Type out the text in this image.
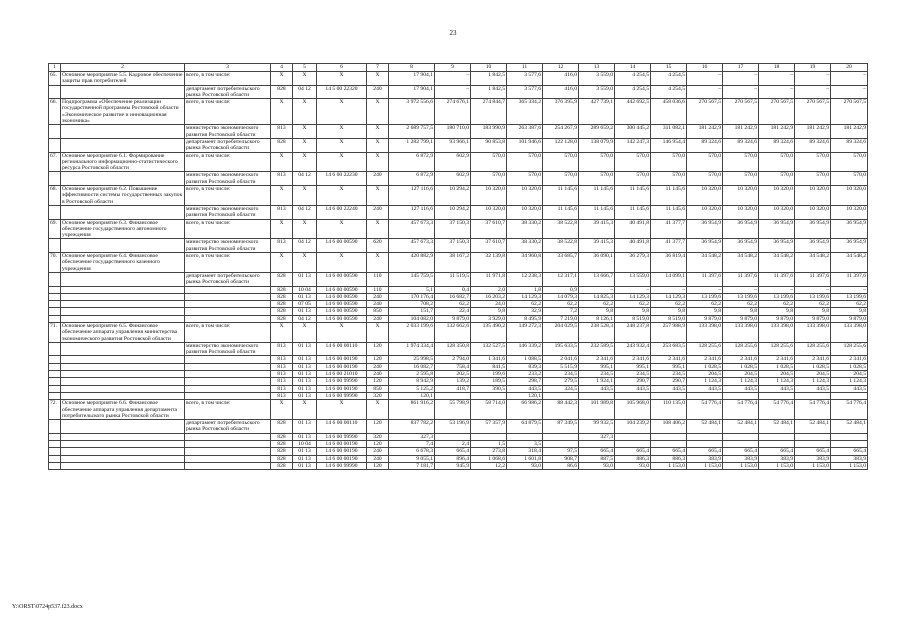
23
1	2	3	4	5	6	7	8	9	10	11	12	13	14	15	16	17	18	19	20	
65.	Основное мероприятие 5.5. Кадровое обеспечение защиты прав потребителей	всего, в том числе:	X	X	X	X	17 904,1	–	1 842,5	3 577,6	416,0	3 559,0	4 254,5	4 254,5	–	–	–	–	–	
		департамент потребительского рынка Ростовской области	828	04 12	14 5 00 22320	240	17 904,1	–	1 842,5	3 577,6	416,0	3 559,0	4 254,5	4 254,5	–	–	–	–	–	
66.	Подпрограмма «Обеспечение реализации государственной программы Ростовской области «Экономическое развитие и инновационная экономика»	всего, в том числе:	X	X	X	X	3 972 556,6	274 676,1	274 844,7	365 334,2	376 395,9	427 739,1	442 692,5	458 036,6	270 567,5	270 567,5	270 567,5	270 567,5	270 567,5	
		министерство экономического развития Ростовской области	813	X	X	X	2 689 757,5	180 710,0	183 990,9	263 387,6	254 267,9	289 659,2	300 445,2	311 082,1	181 242,9	181 242,9	181 242,9	181 242,9	181 242,9	
		департамент потребительского рынка Ростовской области	828	X	X	X	1 282 799,1	93 966,1	90 853,8	101 946,6	122 128,0	138 079,9	142 247,3	146 954,4	89 324,6	89 324,6	89 324,6	89 324,6	89 324,6	
67.	Основное мероприятие 6.1. Формирование регионального информационно-статистического ресурса Ростовской области	всего, в том числе:	X	X	X	X	6 872,9	602,9	570,0	570,0	570,0	570,0	570,0	570,0	570,0	570,0	570,0	570,0	570,0	
		министерство экономического развития Ростовской области	813	04 12	14 6 00 22230	240	6 872,9	602,9	570,0	570,0	570,0	570,0	570,0	570,0	570,0	570,0	570,0	570,0	570,0	
68.	Основное мероприятие 6.2. Повышение эффективности системы государственных закупок в Ростовской области	всего, в том числе:	X	X	X	X	127 116,6	10 294,2	10 320,0	10 320,0	11 145,6	11 145,6	11 145,6	11 145,6	10 320,0	10 320,0	10 320,0	10 320,0	10 320,0	
		министерство экономического развития Ростовской области	813	04 12	14 6 00 22240	240	127 116,6	10 294,2	10 320,0	10 320,0	11 145,6	11 145,6	11 145,6	11 145,6	10 320,0	10 320,0	10 320,0	10 320,0	10 320,0	
69.	Основное мероприятие 6.3. Финансовое обеспечение государственного автономного учреждения	всего, в том числе:	X	X	X	X	457 673,3	37 150,3	37 610,7	38 330,2	38 522,8	39 415,3	40 491,8	41 377,7	36 954,9	36 954,9	36 954,9	36 954,9	36 954,9	
		министерство экономического развития Ростовской области	813	04 12	14 6 00 00590	620	457 673,3	37 150,3	37 610,7	38 330,2	38 522,8	39 415,3	40 491,8	41 377,7	36 954,9	36 954,9	36 954,9	36 954,9	36 954,9	
70.	Основное мероприятие 6.4. Финансовое обеспечение государственного казенного учреждения	всего, в том числе:	X	X	X	X	420 882,9	38 167,2	32 139,8	34 960,8	33 685,7	36 090,1	36 279,3	36 819,4	34 548,2	34 548,2	34 548,2	34 548,2	34 548,2	
		департамент потребительского рынка Ростовской области	828	01 13	14 6 00 00590	110	145 759,5	11 519,5	11 971,8	12 238,3	12 317,1	13 666,7	13 559,0	14 099,1	11 397,6	11 397,6	11 397,6	11 397,6	11 397,6	
			828	10 04	14 6 00 00590	110	5,1	0,4	2,0	1,8	0,9	–	–	–	–	–	–	–	–	
			828	01 13	14 6 00 00590	240	170 176,4	16 682,7	16 203,2	14 129,3	14 079,3	14 825,3	14 129,3	14 129,3	13 199,6	13 199,6	13 199,6	13 199,6	13 199,6	
			828	07 05	14 6 00 00590	240	708,2	62,2	24,0	62,2	62,2	62,2	62,2	62,2	62,2	62,2	62,2	62,2	62,2	
			828	01 13	14 6 00 00590	850	151,7	22,4	9,8	32,9	7,2	9,8	9,8	9,8	9,8	9,8	9,8	9,8	9,8	
			828	04 12	14 6 00 00590	240	104 082,0	9 879,0	3 929,0	8 495,9	7 219,0	8 126,1	8 519,0	8 519,0	9 879,0	9 879,0	9 879,0	9 879,0	9 879,0	
71.	Основное мероприятие 6.5. Финансовое обеспечение аппарата управления министерства экономического развития Ростовской области	всего, в том числе:	X	X	X	X	2 033 199,6	132 662,6	135 490,2	149 272,3	204 029,5	238 528,3	248 237,8	257 988,9	133 398,0	133 398,0	133 398,0	133 398,0	133 398,0	
		министерство экономического развития Ростовской области	813	01 13	14 6 00 00110	120	1 974 334,4	128 350,8	132 527,5	146 339,2	195 633,5	232 589,5	243 932,4	253 683,5	128 255,6	128 255,6	128 255,6	128 255,6	128 255,6	
			813	01 13	14 6 00 00190	120	25 998,5	2 794,0	1 341,6	1 088,5	2 041,6	2 341,6	2 341,6	2 341,6	2 341,6	2 341,6	2 341,6	2 341,6	2 341,6	
			813	01 13	14 6 00 00190	240	16 082,7	758,4	841,5	839,3	5 515,9	995,1	995,1	995,1	1 028,5	1 028,5	1 028,5	1 028,5	1 028,5	
			813	01 13	14 6 00 21010	240	2 595,8	202,5	199,6	233,2	234,5	234,5	234,5	234,5	204,5	204,5	204,5	204,5	204,5	
			813	01 13	14 6 00 99990	120	8 942,9	139,2	189,5	298,7	279,5	1 924,1	290,7	290,7	1 124,3	1 124,3	1 124,3	1 124,3	1 124,3	
			813	01 13	14 6 00 00190	850	5 125,2	418,7	390,5	443,5	324,5	443,5	443,5	443,5	443,5	443,5	443,5	443,5	443,5	
			813	01 13	14 6 00 99990	320	120,1			120,1										
72.	Основное мероприятие 6.6. Финансовое обеспечение аппарата управления департамента потребительского рынка Ростовской области	всего, в том числе:	X	X	X	X	861 916,2	55 798,9	58 714,0	66 986,2	88 442,3	101 989,8	105 968,0	110 135,0	54 776,4	54 776,4	54 776,4	54 776,4	54 776,4	
		департамент потребительского рынка Ростовской области	828	01 13	14 6 00 00110	120	837 782,2	53 196,9	57 357,9	64 879,5	87 349,5	99 932,5	104 239,2	108 406,2	52 484,1	52 484,1	52 484,1	52 484,1	52 484,1	
			828	01 13	14 6 00 99990	320	327,3					327,3								
			828	10 04	14 6 00 00190	120	7,4	2,4	1,5	3,5										
			828	01 13	14 6 00 00190	240	6 678,3	665,4	273,8	318,4	97,5	665,4	665,4	665,4	665,4	665,4	665,4	665,4	665,4	
			828	01 13	14 6 00 00190	240	9 055,1	896,4	1 068,6	1 601,8	908,7	887,5	886,3	886,3	383,9	383,9	383,9	383,9	383,9	
			828	01 13	14 6 00 99990	120	7 181,7	945,9	12,2	93,0	86,6	93,0	93,0	1 153,0	1 153,0	1 153,0	1 153,0	1 153,0	1 153,0	
Y:\ORST\0724p537.f23.docx
